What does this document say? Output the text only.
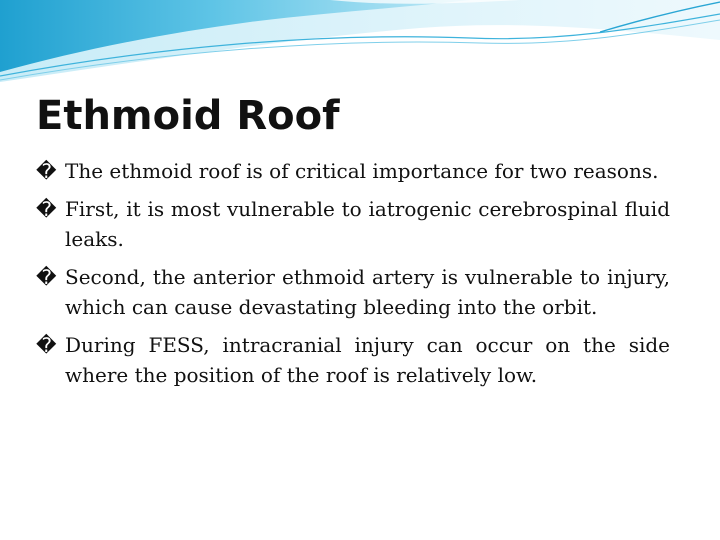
Ethmoid Roof
� The ethmoid roof is of critical importance for two reasons.
� First, it is most vulnerable to iatrogenic cerebrospinal fluid leaks.
� Second, the anterior ethmoid artery is vulnerable to injury, which can cause devastating bleeding into the orbit.
� During FESS, intracranial injury can occur on the side where the position of the roof is relatively low.
